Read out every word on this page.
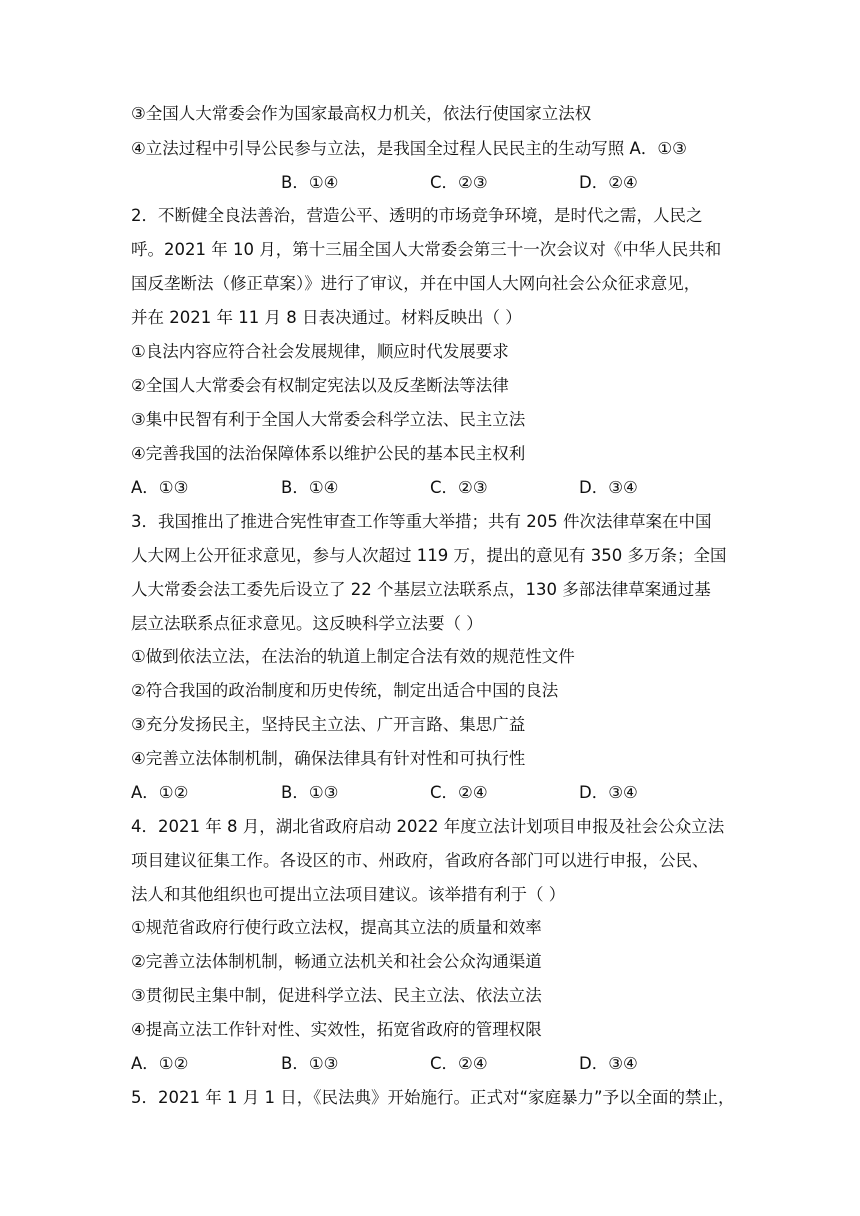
③全国人大常委会作为国家最高权力机关，依法行使国家立法权
④立法过程中引导公民参与立法，是我国全过程人民民主的生动写照 A．①③
B．①④	C．②③	D．②④
2．不断健全良法善治，营造公平、透明的市场竞争环境，是时代之需，人民之
呼。2021 年 10 月，第十三届全国人大常委会第三十一次会议对《中华人民共和
国反垄断法（修正草案）》进行了审议，并在中国人大网向社会公众征求意见，
并在 2021 年 11 月 8 日表决通过。材料反映出（ ）
①良法内容应符合社会发展规律，顺应时代发展要求
②全国人大常委会有权制定宪法以及反垄断法等法律
③集中民智有利于全国人大常委会科学立法、民主立法
④完善我国的法治保障体系以维护公民的基本民主权利
A．①③	B．①④	C．②③	D．③④
3．我国推出了推进合宪性审查工作等重大举措；共有 205 件次法律草案在中国
人大网上公开征求意见，参与人次超过 119 万，提出的意见有 350 多万条；全国
人大常委会法工委先后设立了 22 个基层立法联系点，130 多部法律草案通过基
层立法联系点征求意见。这反映科学立法要（ ）
①做到依法立法，在法治的轨道上制定合法有效的规范性文件
②符合我国的政治制度和历史传统，制定出适合中国的良法
③充分发扬民主，坚持民主立法、广开言路、集思广益
④完善立法体制机制，确保法律具有针对性和可执行性
A．①②	B．①③	C．②④	D．③④
4．2021 年 8 月，湖北省政府启动 2022 年度立法计划项目申报及社会公众立法
项目建议征集工作。各设区的市、州政府，省政府各部门可以进行申报，公民、
法人和其他组织也可提出立法项目建议。该举措有利于（ ）
①规范省政府行使行政立法权，提高其立法的质量和效率
②完善立法体制机制，畅通立法机关和社会公众沟通渠道
③贯彻民主集中制，促进科学立法、民主立法、依法立法
④提高立法工作针对性、实效性，拓宽省政府的管理权限
A．①②	B．①③	C．②④	D．③④
5．2021 年 1 月 1 日，《民法典》开始施行。正式对“家庭暴力”予以全面的禁止，
